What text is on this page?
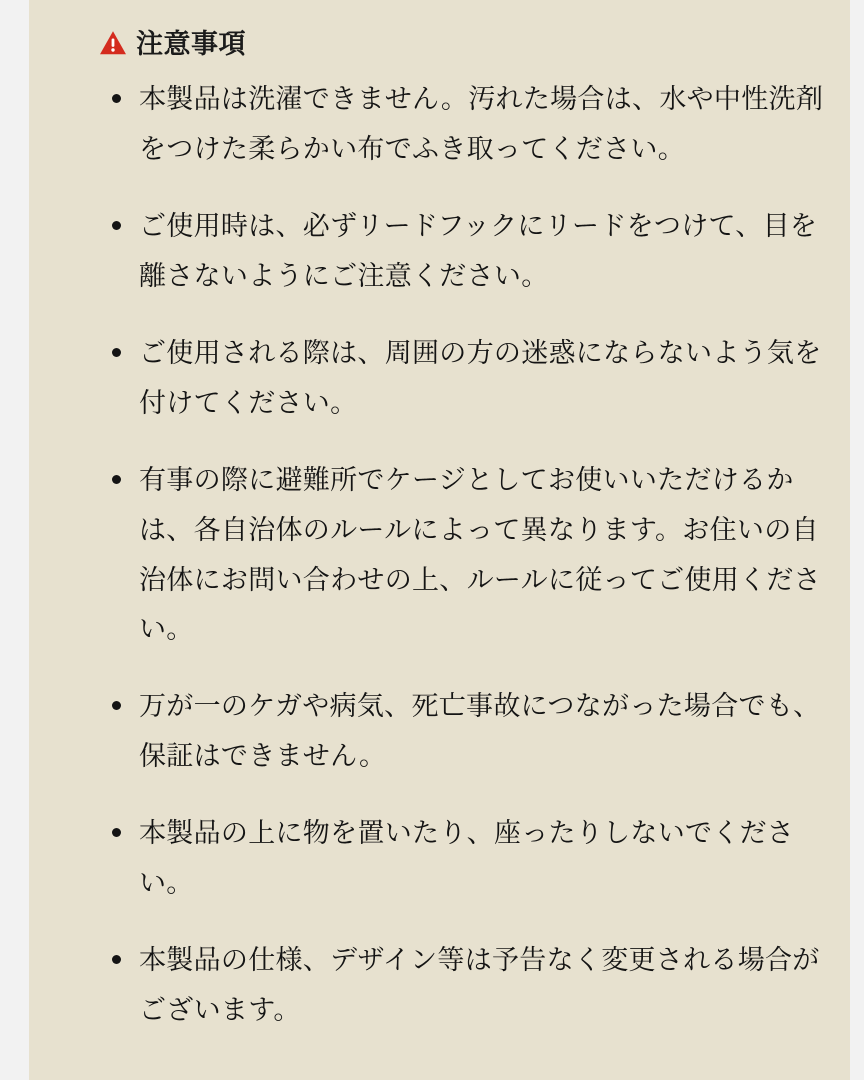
注意事項
本製品は洗濯できません。汚れた場合は、水や中性洗剤をつけた柔らかい布でふき取ってください。
ご使用時は、必ずリードフックにリードをつけて、目を離さないようにご注意ください。
ご使用される際は、周囲の方の迷惑にならないよう気を付けてください。
有事の際に避難所でケージとしてお使いいただけるかは、各自治体のルールによって異なります。お住いの自治体にお問い合わせの上、ルールに従ってご使用ください。
万が一のケガや病気、死亡事故につながった場合でも、保証はできません。
本製品の上に物を置いたり、座ったりしないでください。
本製品の仕様、デザイン等は予告なく変更される場合がございます。
